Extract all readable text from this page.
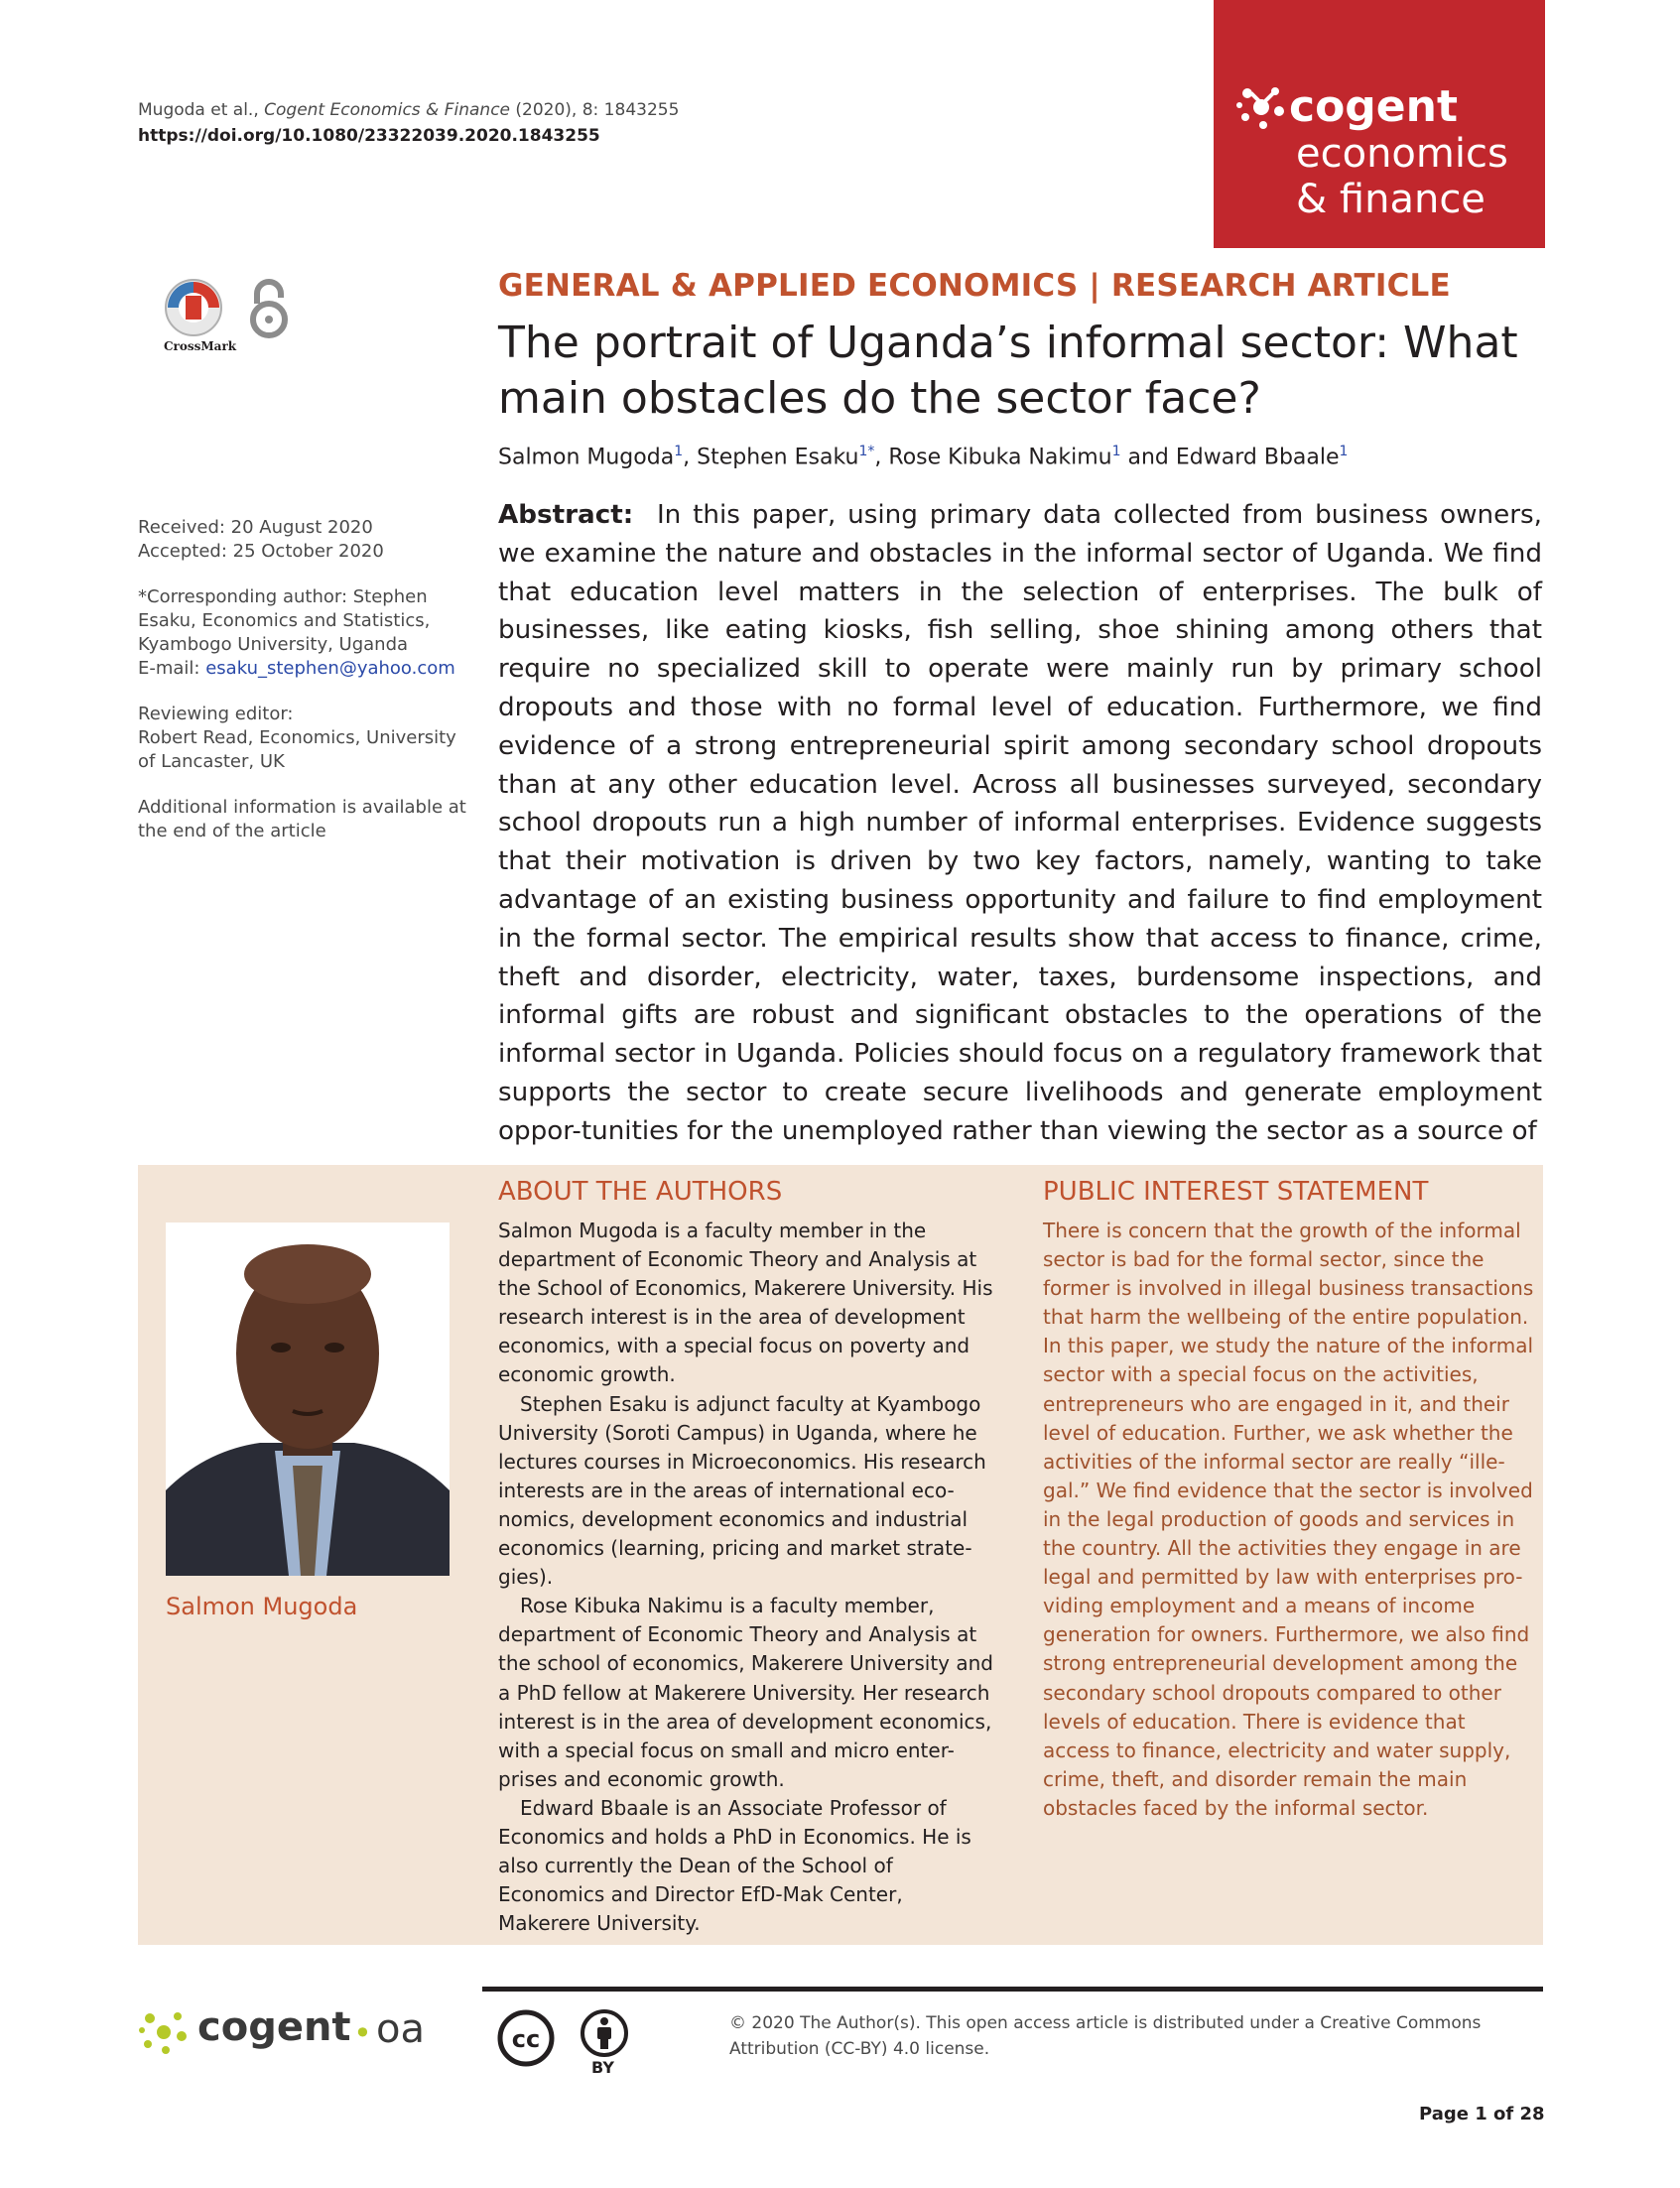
Mugoda et al., Cogent Economics & Finance (2020), 8: 1843255
https://doi.org/10.1080/23322039.2020.1843255
cogent
economics
& finance
CrossMark

Received: 20 August 2020
Accepted: 25 October 2020

*Corresponding author: Stephen Esaku, Economics and Statistics, Kyambogo University, Uganda
E-mail: esaku_stephen@yahoo.com

Reviewing editor:
Robert Read, Economics, University of Lancaster, UK

Additional information is available at the end of the article

GENERAL & APPLIED ECONOMICS | RESEARCH ARTICLE
The portrait of Uganda’s informal sector: What main obstacles do the sector face?
Salmon Mugoda$^1$, Stephen Esaku$^{1*}$, Rose Kibuka Nakimu$^1$ and Edward Bbaale$^1$

Abstract: In this paper, using primary data collected from business owners, we examine the nature and obstacles in the informal sector of Uganda. We find that education level matters in the selection of enterprises. The bulk of businesses, like eating kiosks, fish selling, shoe shining among others that require no specialized skill to operate were mainly run by primary school dropouts and those with no formal level of education. Furthermore, we find evidence of a strong entrepreneurial spirit among secondary school dropouts than at any other education level. Across all businesses surveyed, secondary school dropouts run a high number of informal enterprises. Evidence suggests that their motivation is driven by two key factors, namely, wanting to take advantage of an existing business opportunity and failure to find employment in the formal sector. The empirical results show that access to finance, crime, theft and disorder, electricity, water, taxes, burdensome inspections, and informal gifts are robust and significant obstacles to the operations of the informal sector in Uganda. Policies should focus on a regulatory framework that supports the sector to create secure livelihoods and generate employment oppor-tunities for the unemployed rather than viewing the sector as a source of

Salmon Mugoda
ABOUT THE AUTHORS

Salmon Mugoda is a faculty member in the department of Economic Theory and Analysis at the School of Economics, Makerere University. His research interest is in the area of development economics, with a special focus on poverty and economic growth.

Stephen Esaku is adjunct faculty at Kyambogo University (Soroti Campus) in Uganda, where he lectures courses in Microeconomics. His research interests are in the areas of international eco-nomics, development economics and industrial economics (learning, pricing and market strate-gies).

Rose Kibuka Nakimu is a faculty member, department of Economic Theory and Analysis at the school of economics, Makerere University and a PhD fellow at Makerere University. Her research interest is in the area of development economics, with a special focus on small and micro enter-prises and economic growth.

Edward Bbaale is an Associate Professor of Economics and holds a PhD in Economics. He is also currently the Dean of the School of Economics and Director EfD-Mak Center, Makerere University.

PUBLIC INTEREST STATEMENT

There is concern that the growth of the informal sector is bad for the formal sector, since the former is involved in illegal business transactions that harm the wellbeing of the entire population. In this paper, we study the nature of the informal sector with a special focus on the activities, entrepreneurs who are engaged in it, and their level of education. Further, we ask whether the activities of the informal sector are really “ille-gal.” We find evidence that the sector is involved in the legal production of goods and services in the country. All the activities they engage in are legal and permitted by law with enterprises pro-viding employment and a means of income generation for owners. Furthermore, we also find strong entrepreneurial development among the secondary school dropouts compared to other levels of education. There is evidence that access to finance, electricity and water supply, crime, theft, and disorder remain the main obstacles faced by the informal sector.

cogent • oa	cc
BY

© 2020 The Author(s). This open access article is distributed under a Creative Commons Attribution (CC-BY) 4.0 license.

Page 1 of 28
